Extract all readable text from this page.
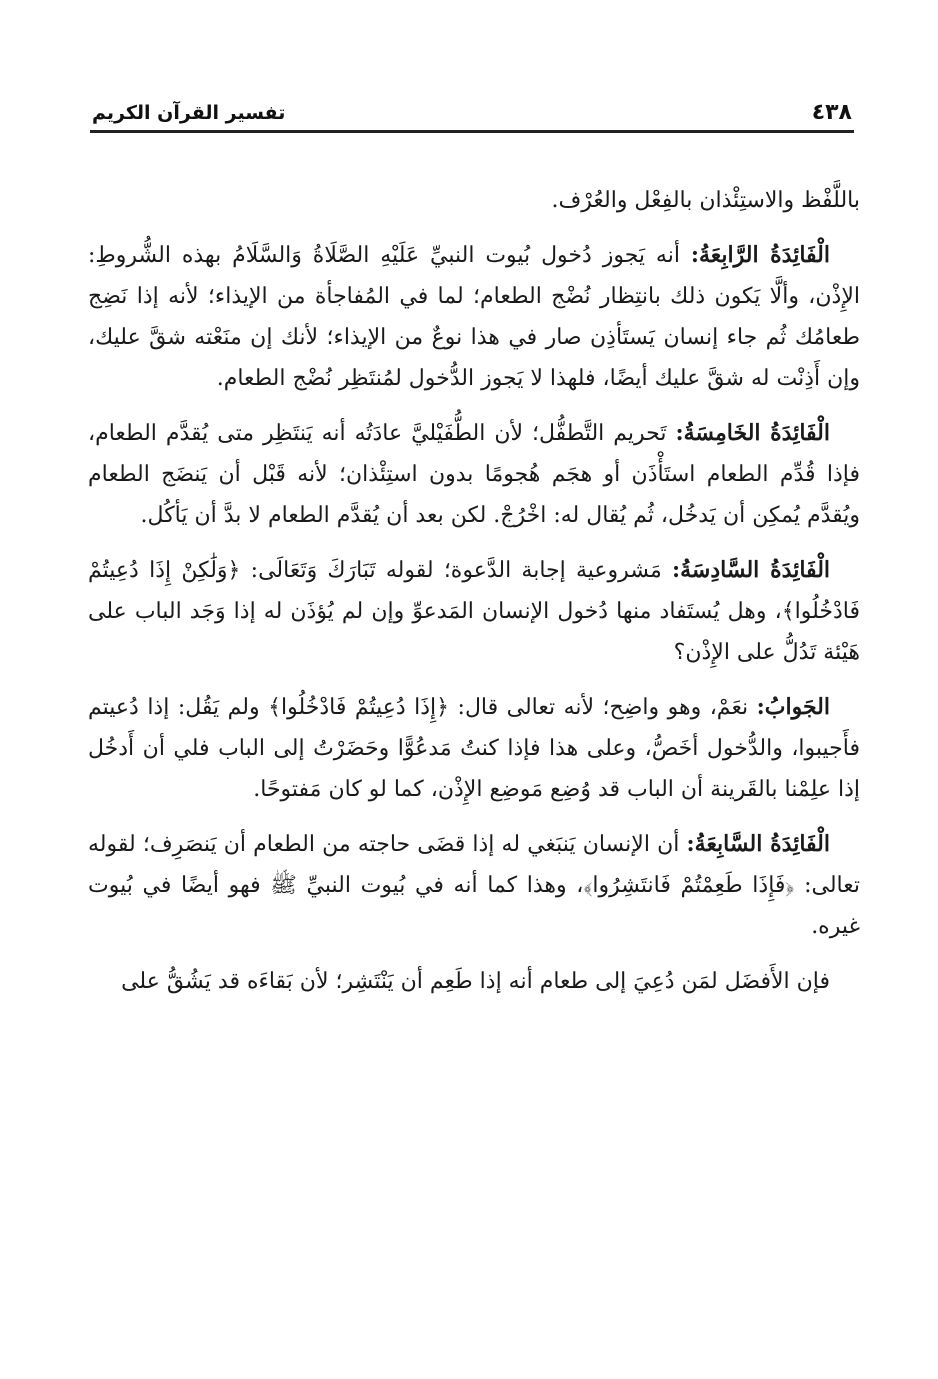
٤٣٨
تفسير القرآن الكريم

باللَّفْظ والاستِئْذان بالفِعْل والعُرْف.

الْفَائِدَةُ الرَّابِعَةُ: أنه يَجوز دُخول بُيوت النبيِّ عَلَيْهِ الصَّلَاةُ وَالسَّلَامُ بهذه الشُّروطِ: الإِذْن، وألَّا يَكون ذلك بانتِظار نُضْج الطعام؛ لما في المُفاجأة من الإيذاء؛ لأنه إذا نَضِج طعامُك ثُم جاء إنسان يَستَأذِن صار في هذا نوعٌ من الإيذاء؛ لأنك إن منَعْته شقَّ عليك، وإن أَذِنْت له شقَّ عليك أيضًا، فلهذا لا يَجوز الدُّخول لمُنتَظِر نُضْج الطعام.

الْفَائِدَةُ الخَامِسَةُ: تَحريم التَّطفُّل؛ لأن الطُّفَيْليَّ عادَتُه أنه يَنتَظِر متى يُقدَّم الطعام، فإذا قُدِّم الطعام استَأْذَن أو هجَم هُجومًا بدون استِئْذان؛ لأنه قَبْل أن يَنضَج الطعام ويُقدَّم يُمكِن أن يَدخُل، ثُم يُقال له: اخْرُجْ. لكن بعد أن يُقدَّم الطعام لا بدَّ أن يَأكُل.

الْفَائِدَةُ السَّادِسَةُ: مَشروعية إجابة الدَّعوة؛ لقوله تَبَارَكَ وَتَعَالَى: ﴿وَلَٰكِنْ إِذَا دُعِيتُمْ فَادْخُلُوا﴾، وهل يُستَفاد منها دُخول الإنسان المَدعوِّ وإن لم يُؤذَن له إذا وَجَد الباب على هَيْئة تَدُلُّ على الإِذْن؟

الجَوابُ: نعَمْ، وهو واضِح؛ لأنه تعالى قال: ﴿إِذَا دُعِيتُمْ فَادْخُلُوا﴾ ولم يَقُل: إذا دُعيتم فأَجيبوا، والدُّخول أخَصُّ، وعلى هذا فإذا كنتُ مَدعُوًّا وحَضَرْتُ إلى الباب فلي أن أَدخُل إذا علِمْنا بالقَرينة أن الباب قد وُضِع مَوضِع الإِذْن، كما لو كان مَفتوحًا.

الْفَائِدَةُ السَّابِعَةُ: أن الإنسان يَنبَغي له إذا قضَى حاجته من الطعام أن يَنصَرِف؛ لقوله تعالى: ﴿فَإِذَا طَعِمْتُمْ فَانتَشِرُوا﴾، وهذا كما أنه في بُيوت النبيِّ ﷺ فهو أيضًا في بُيوت غيره.

فإن الأَفضَل لمَن دُعِيَ إلى طعام أنه إذا طَعِم أن يَنْتَشِر؛ لأن بَقاءَه قد يَشُقُّ على
